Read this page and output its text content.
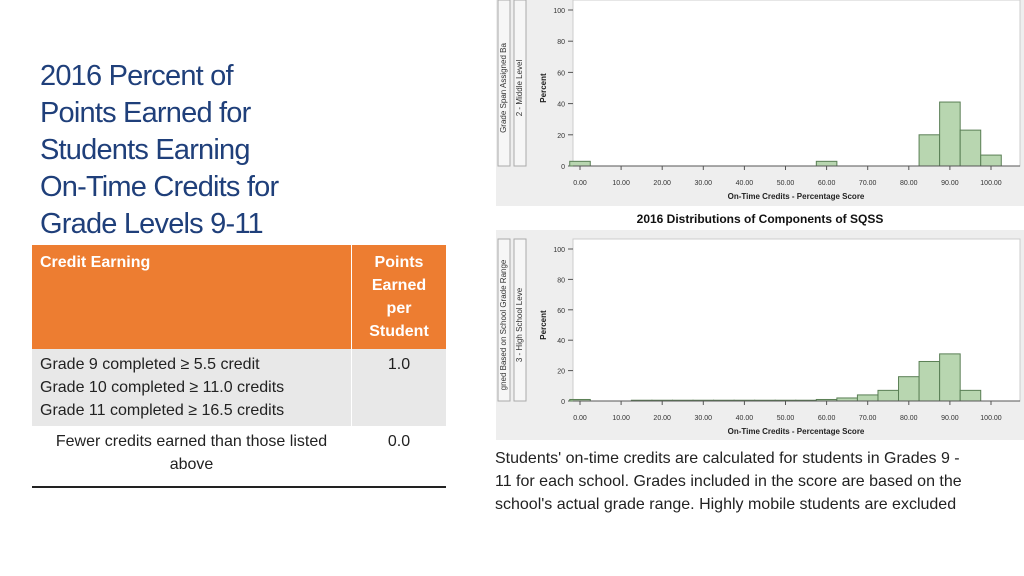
2016 Percent of
Points Earned for
Students Earning
On-Time Credits for
Grade Levels 9-11
Credit Earning	Points
Earned
per
Student

Grade 9 completed ≥ 5.5 credit
Grade 10 completed ≥ 11.0 credits
Grade 11 completed ≥ 16.5 credits	1.0

Fewer credits earned than those listed
above	0.0
Grade Span Assigned Ba 2 - Middle Level Percent
0
20
40
60
80
100
0.00	10.00	20.00	30.00	40.00	50.00	60.00	70.00	80.00	90.00	100.00
On-Time Credits - Percentage Score
2016 Distributions of Components of SQSS
gned Based on School Grade Range 3 - High School Leve Percent
0
20
40
60
80
100
0.00	10.00	20.00	30.00	40.00	50.00	60.00	70.00	80.00	90.00	100.00
On-Time Credits - Percentage Score
Students' on-time credits are calculated for students in Grades 9 - 11 for each school. Grades included in the score are based on the school's actual grade range. Highly mobile students are excluded
